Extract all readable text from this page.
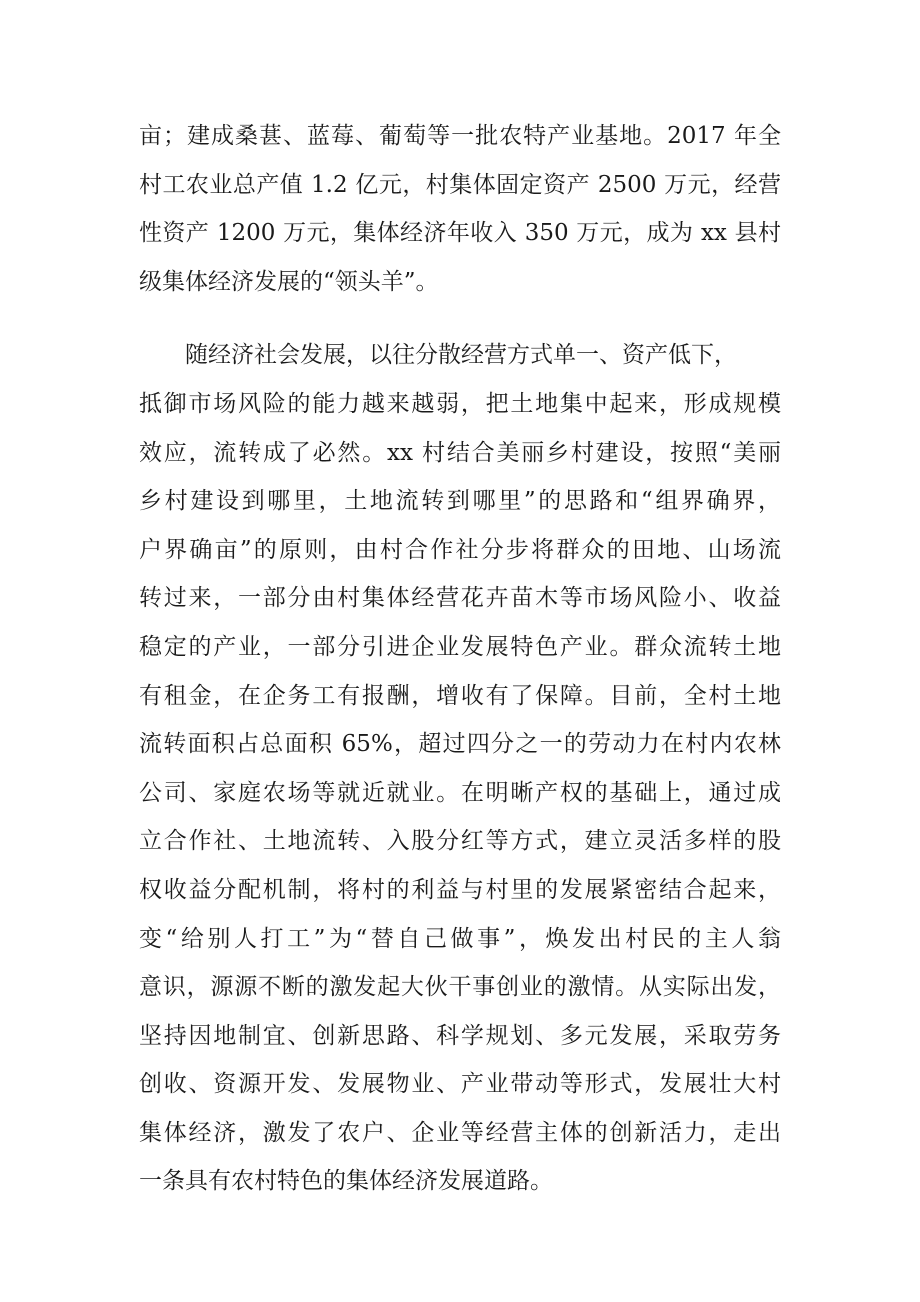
亩；建成桑葚、蓝莓、葡萄等一批农特产业基地。2017 年全
村工农业总产值 1.2 亿元，村集体固定资产 2500 万元，经营
性资产 1200 万元，集体经济年收入 350 万元，成为 xx 县村
级集体经济发展的“领头羊”。
随经济社会发展，以往分散经营方式单一、资产低下，
抵御市场风险的能力越来越弱，把土地集中起来，形成规模
效应，流转成了必然。xx 村结合美丽乡村建设，按照“美丽
乡村建设到哪里，土地流转到哪里”的思路和“组界确界，
户界确亩”的原则，由村合作社分步将群众的田地、山场流
转过来，一部分由村集体经营花卉苗木等市场风险小、收益
稳定的产业，一部分引进企业发展特色产业。群众流转土地
有租金，在企务工有报酬，增收有了保障。目前，全村土地
流转面积占总面积 65%，超过四分之一的劳动力在村内农林
公司、家庭农场等就近就业。在明晰产权的基础上，通过成
立合作社、土地流转、入股分红等方式，建立灵活多样的股
权收益分配机制，将村的利益与村里的发展紧密结合起来，
变“给别人打工”为“替自己做事”，焕发出村民的主人翁
意识，源源不断的激发起大伙干事创业的激情。从实际出发，
坚持因地制宜、创新思路、科学规划、多元发展，采取劳务
创收、资源开发、发展物业、产业带动等形式，发展壮大村
集体经济，激发了农户、企业等经营主体的创新活力，走出
一条具有农村特色的集体经济发展道路。
